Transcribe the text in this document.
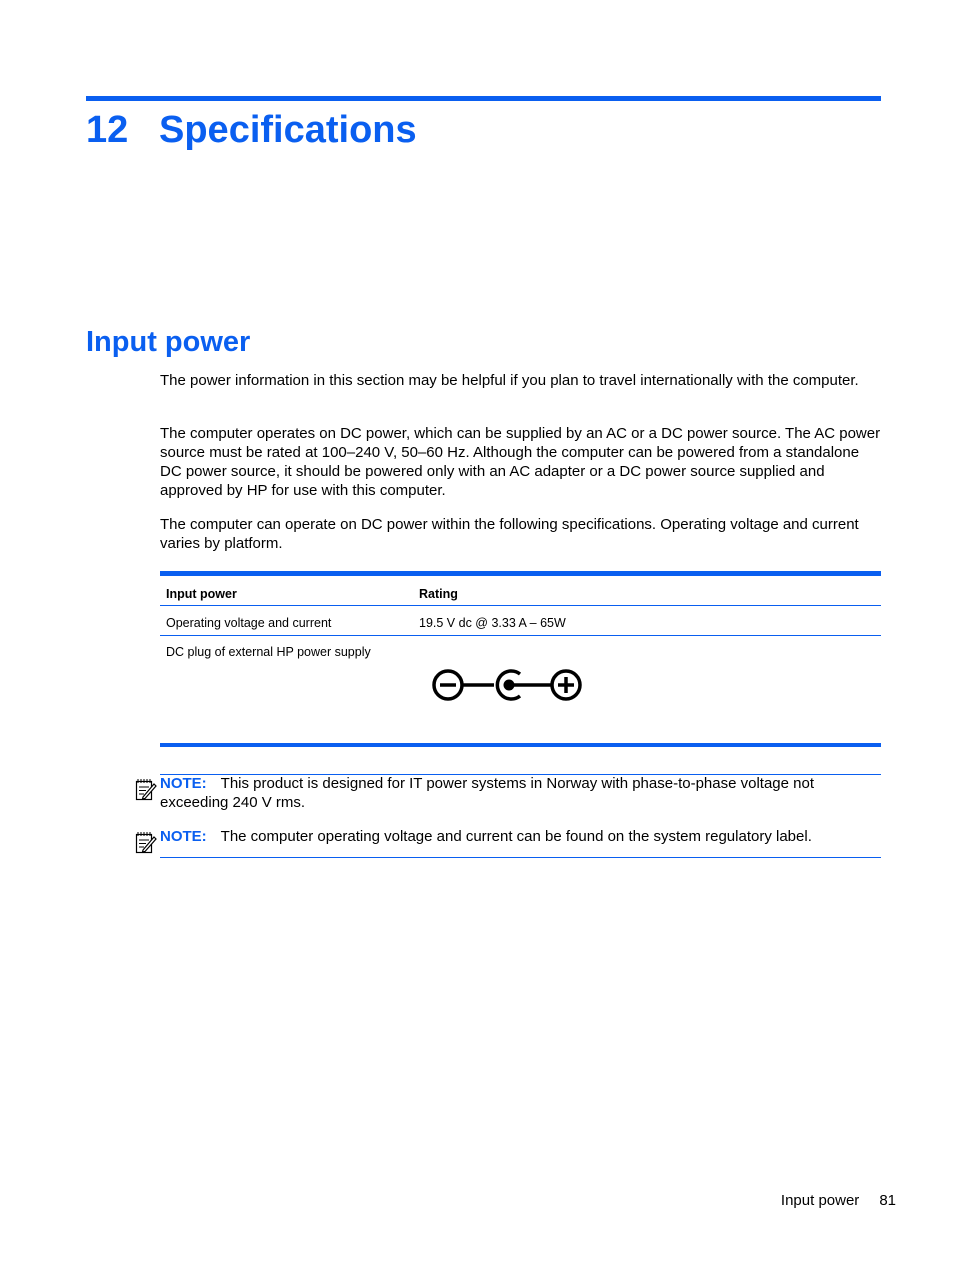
12 Specifications
Input power

The power information in this section may be helpful if you plan to travel internationally with the computer.

The computer operates on DC power, which can be supplied by an AC or a DC power source. The AC power source must be rated at 100–240 V, 50–60 Hz. Although the computer can be powered from a standalone DC power source, it should be powered only with an AC adapter or a DC power source supplied and approved by HP for use with this computer.

The computer can operate on DC power within the following specifications. Operating voltage and current varies by platform.

Input power	Rating
Operating voltage and current	19.5 V dc @ 3.33 A – 65W
DC plug of external HP power supply

NOTE: This product is designed for IT power systems in Norway with phase-to-phase voltage not exceeding 240 V rms.

NOTE: The computer operating voltage and current can be found on the system regulatory label.

Input power 81
